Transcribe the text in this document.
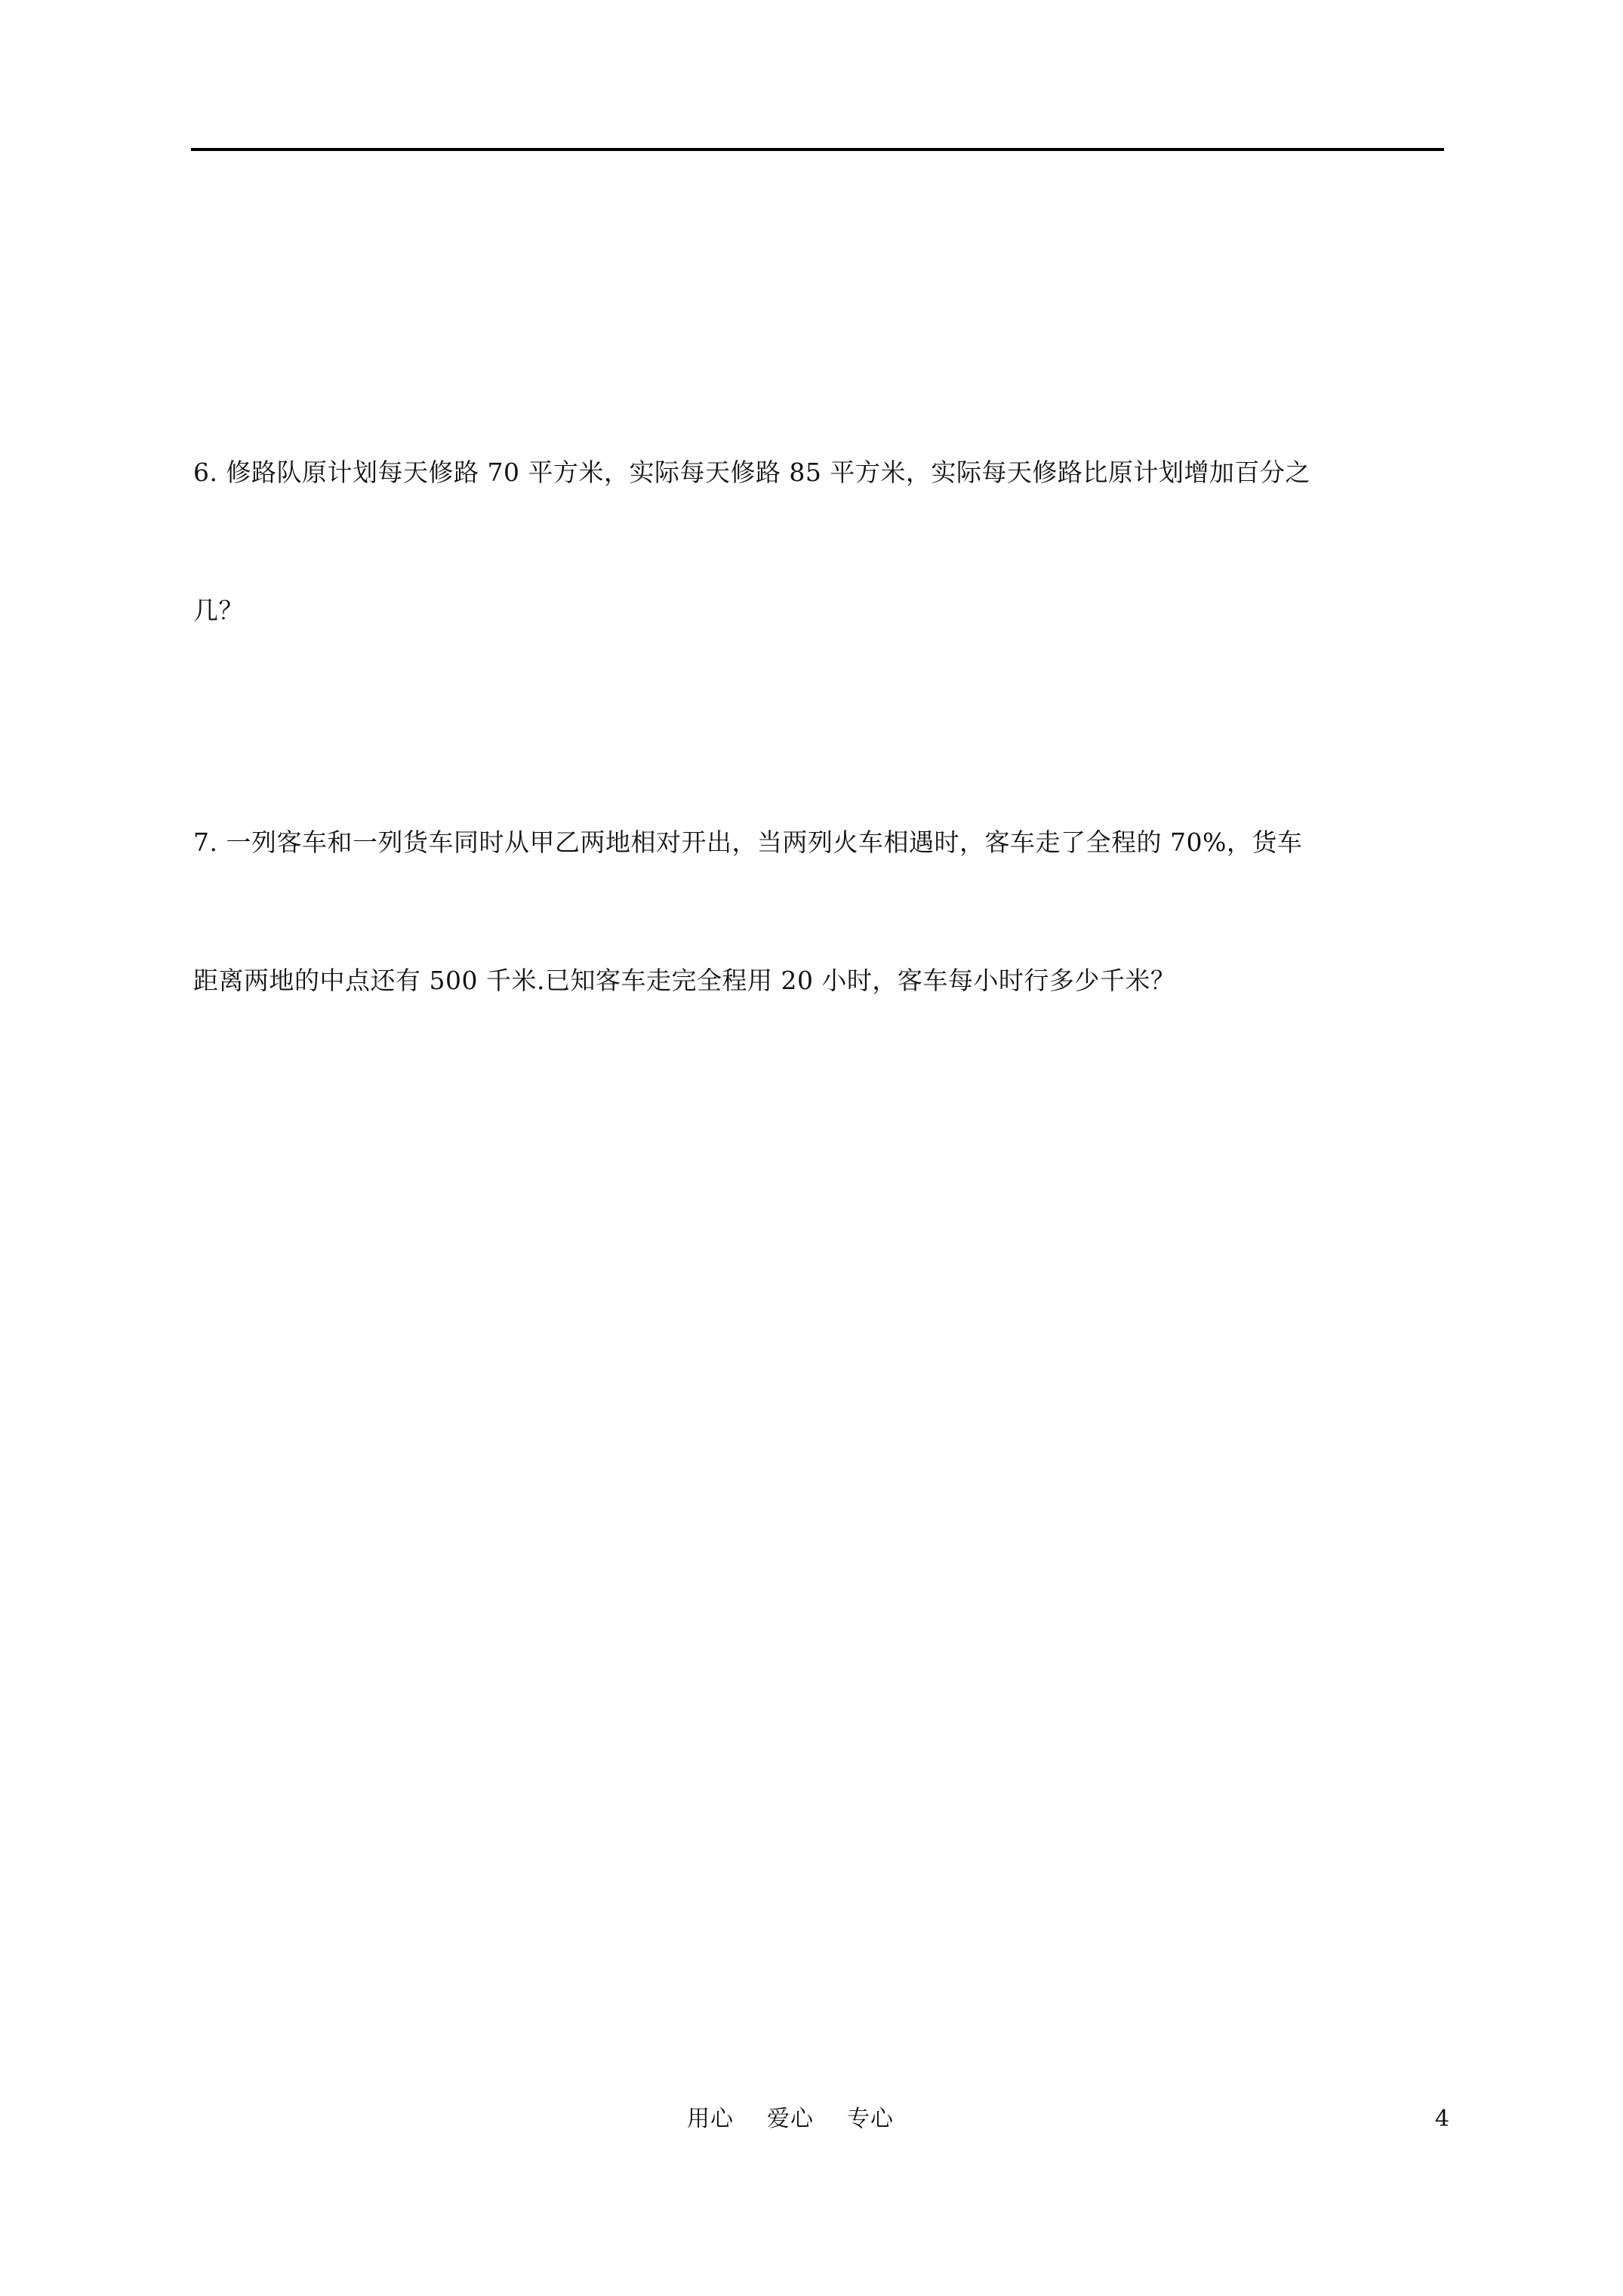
6. 修路队原计划每天修路 70 平方米，实际每天修路 85 平方米，实际每天修路比原计划增加百分之

几？

7. 一列客车和一列货车同时从甲乙两地相对开出，当两列火车相遇时，客车走了全程的 70%，货车

距离两地的中点还有 500 千米.已知客车走完全程用 20 小时，客车每小时行多少千米？

用心 爱心 专心	4
